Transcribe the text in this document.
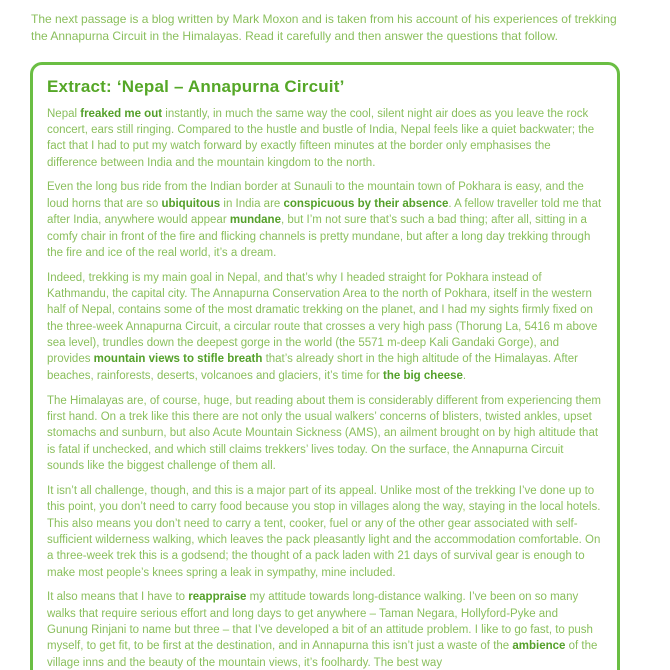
The next passage is a blog written by Mark Moxon and is taken from his account of his experiences of trekking the Annapurna Circuit in the Himalayas. Read it carefully and then answer the questions that follow.

Extract: ‘Nepal – Annapurna Circuit’

Nepal freaked me out instantly, in much the same way the cool, silent night air does as you leave the rock concert, ears still ringing. Compared to the hustle and bustle of India, Nepal feels like a quiet backwater; the fact that I had to put my watch forward by exactly fifteen minutes at the border only emphasises the difference between India and the mountain kingdom to the north.

Even the long bus ride from the Indian border at Sunauli to the mountain town of Pokhara is easy, and the loud horns that are so ubiquitous in India are conspicuous by their absence. A fellow traveller told me that after India, anywhere would appear mundane, but I’m not sure that’s such a bad thing; after all, sitting in a comfy chair in front of the fire and flicking channels is pretty mundane, but after a long day trekking through the fire and ice of the real world, it’s a dream.

Indeed, trekking is my main goal in Nepal, and that’s why I headed straight for Pokhara instead of Kathmandu, the capital city. The Annapurna Conservation Area to the north of Pokhara, itself in the western half of Nepal, contains some of the most dramatic trekking on the planet, and I had my sights firmly fixed on the three-week Annapurna Circuit, a circular route that crosses a very high pass (Thorung La, 5416 m above sea level), trundles down the deepest gorge in the world (the 5571 m-deep Kali Gandaki Gorge), and provides mountain views to stifle breath that’s already short in the high altitude of the Himalayas. After beaches, rainforests, deserts, volcanoes and glaciers, it’s time for the big cheese.

The Himalayas are, of course, huge, but reading about them is considerably different from experiencing them first hand. On a trek like this there are not only the usual walkers’ concerns of blisters, twisted ankles, upset stomachs and sunburn, but also Acute Mountain Sickness (AMS), an ailment brought on by high altitude that is fatal if unchecked, and which still claims trekkers’ lives today. On the surface, the Annapurna Circuit sounds like the biggest challenge of them all.

It isn’t all challenge, though, and this is a major part of its appeal. Unlike most of the trekking I’ve done up to this point, you don’t need to carry food because you stop in villages along the way, staying in the local hotels. This also means you don’t need to carry a tent, cooker, fuel or any of the other gear associated with self-sufficient wilderness walking, which leaves the pack pleasantly light and the accommodation comfortable. On a three-week trek this is a godsend; the thought of a pack laden with 21 days of survival gear is enough to make most people’s knees spring a leak in sympathy, mine included.

It also means that I have to reappraise my attitude towards long-distance walking. I’ve been on so many walks that require serious effort and long days to get anywhere – Taman Negara, Hollyford-Pyke and Gunung Rinjani to name but three – that I’ve developed a bit of an attitude problem. I like to go fast, to push myself, to get fit, to be first at the destination, and in Annapurna this isn’t just a waste of the ambience of the village inns and the beauty of the mountain views, it’s foolhardy. The best way
